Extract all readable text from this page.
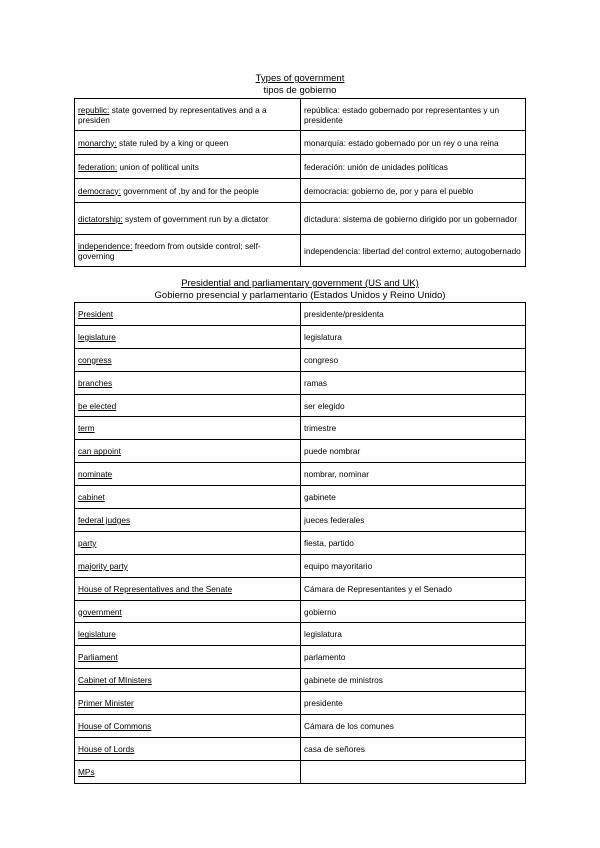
Types of government
tipos de gobierno
republic: state governed by representatives and a a presiden	república: estado gobernado por representantes y un presidente
monarchy: state ruled by a king or queen	monarquía: estado gobernado por un rey o una reina
federation: union of political units	federación: unión de unidades políticas
democracy: government of ,by and for the people	democracia: gobierno de, por y para el pueblo
dictatorship: system of government run by a dictator	dictadura: sistema de gobierno dirigido por un gobernador
independence: freedom from outside control; self-governing	independencia: libertad del control externo; autogobernado
Presidential and parliamentary government (US and UK)
Gobierno presencial y parlamentario (Estados Unidos y Reino Unido)
President	presidente/presidenta
legislature	legislatura
congress	congreso
branches	ramas
be elected	ser elegido
term	trimestre
can appoint	puede nombrar
nominate	nombrar, nominar
cabinet	gabinete
federal judges	jueces federales
party	fiesta, partido
majority party	equipo mayoritario
House of Representatives and the Senate	Cámara de Representantes y el Senado
government	gobierno
legislature	legislatura
Parliament	parlamento
Cabinet of MInisters	gabinete de ministros
Primer Minister	presidente
House of Commons	Cámara de los comunes
House of Lords	casa de señores
MPs	
